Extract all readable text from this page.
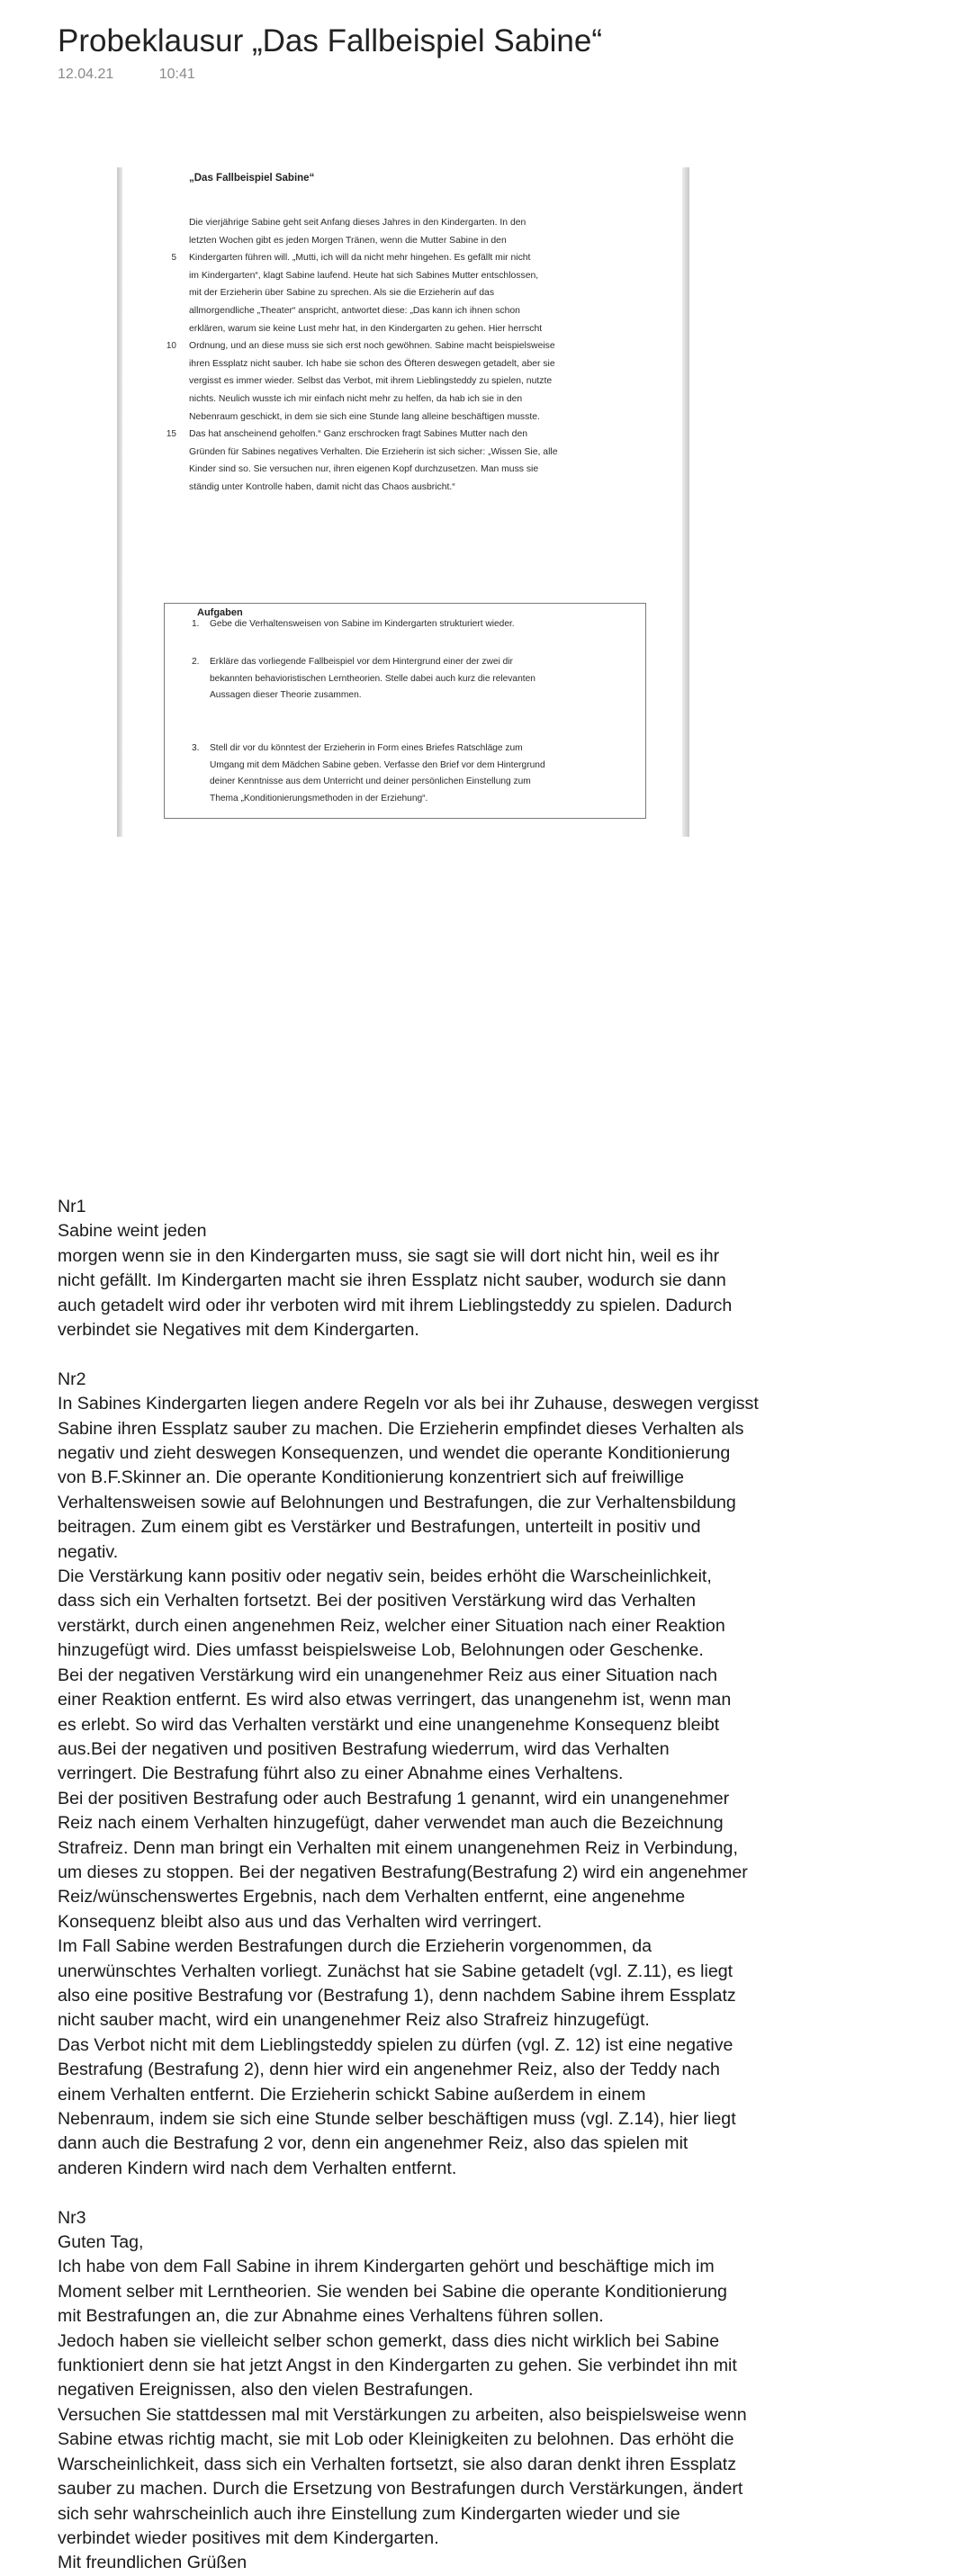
Probeklausur „Das Fallbeispiel Sabine“
12.04.21	10:41
„Das Fallbeispiel Sabine“
Die vierjährige Sabine geht seit Anfang dieses Jahres in den Kindergarten. In den
letzten Wochen gibt es jeden Morgen Tränen, wenn die Mutter Sabine in den
5 Kindergarten führen will. „Mutti, ich will da nicht mehr hingehen. Es gefällt mir nicht
im Kindergarten“, klagt Sabine laufend. Heute hat sich Sabines Mutter entschlossen,
mit der Erzieherin über Sabine zu sprechen. Als sie die Erzieherin auf das
allmorgendliche „Theater“ anspricht, antwortet diese: „Das kann ich ihnen schon
erklären, warum sie keine Lust mehr hat, in den Kindergarten zu gehen. Hier herrscht
10 Ordnung, und an diese muss sie sich erst noch gewöhnen. Sabine macht beispielsweise
ihren Essplatz nicht sauber. Ich habe sie schon des Öfteren deswegen getadelt, aber sie
vergisst es immer wieder. Selbst das Verbot, mit ihrem Lieblingsteddy zu spielen, nutzte
nichts. Neulich wusste ich mir einfach nicht mehr zu helfen, da hab ich sie in den
Nebenraum geschickt, in dem sie sich eine Stunde lang alleine beschäftigen musste.
15 Das hat anscheinend geholfen.“ Ganz erschrocken fragt Sabines Mutter nach den
Gründen für Sabines negatives Verhalten. Die Erzieherin ist sich sicher: „Wissen Sie, alle
Kinder sind so. Sie versuchen nur, ihren eigenen Kopf durchzusetzen. Man muss sie
ständig unter Kontrolle haben, damit nicht das Chaos ausbricht.“
Aufgaben
1. Gebe die Verhaltensweisen von Sabine im Kindergarten strukturiert wieder.
2. Erkläre das vorliegende Fallbeispiel vor dem Hintergrund einer der zwei dir
bekannten behavioristischen Lerntheorien. Stelle dabei auch kurz die relevanten
Aussagen dieser Theorie zusammen.
3. Stell dir vor du könntest der Erzieherin in Form eines Briefes Ratschläge zum
Umgang mit dem Mädchen Sabine geben. Verfasse den Brief vor dem Hintergrund
deiner Kenntnisse aus dem Unterricht und deiner persönlichen Einstellung zum
Thema „Konditionierungsmethoden in der Erziehung“.

Nr1

Sabine weint jeden

morgen wenn sie in den Kindergarten muss, sie sagt sie will dort nicht hin, weil es ihr

nicht gefällt. Im Kindergarten macht sie ihren Essplatz nicht sauber, wodurch sie dann

auch getadelt wird oder ihr verboten wird mit ihrem Lieblingsteddy zu spielen. Dadurch

verbindet sie Negatives mit dem Kindergarten.

Nr2

In Sabines Kindergarten liegen andere Regeln vor als bei ihr Zuhause, deswegen vergisst

Sabine ihren Essplatz sauber zu machen. Die Erzieherin empfindet dieses Verhalten als

negativ und zieht deswegen Konsequenzen, und wendet die operante Konditionierung

von B.F.Skinner an. Die operante Konditionierung konzentriert sich auf freiwillige

Verhaltensweisen sowie auf Belohnungen und Bestrafungen, die zur Verhaltensbildung

beitragen. Zum einem gibt es Verstärker und Bestrafungen, unterteilt in positiv und

negativ.

Die Verstärkung kann positiv oder negativ sein, beides erhöht die Warscheinlichkeit,

dass sich ein Verhalten fortsetzt. Bei der positiven Verstärkung wird das Verhalten

verstärkt, durch einen angenehmen Reiz, welcher einer Situation nach einer Reaktion

hinzugefügt wird. Dies umfasst beispielsweise Lob, Belohnungen oder Geschenke.

Bei der negativen Verstärkung wird ein unangenehmer Reiz aus einer Situation nach

einer Reaktion entfernt. Es wird also etwas verringert, das unangenehm ist, wenn man

es erlebt. So wird das Verhalten verstärkt und eine unangenehme Konsequenz bleibt

aus.Bei der negativen und positiven Bestrafung wiederrum, wird das Verhalten

verringert. Die Bestrafung führt also zu einer Abnahme eines Verhaltens.

Bei der positiven Bestrafung oder auch Bestrafung 1 genannt, wird ein unangenehmer

Reiz nach einem Verhalten hinzugefügt, daher verwendet man auch die Bezeichnung

Strafreiz. Denn man bringt ein Verhalten mit einem unangenehmen Reiz in Verbindung,

um dieses zu stoppen. Bei der negativen Bestrafung(Bestrafung 2) wird ein angenehmer

Reiz/wünschenswertes Ergebnis, nach dem Verhalten entfernt, eine angenehme

Konsequenz bleibt also aus und das Verhalten wird verringert.

Im Fall Sabine werden Bestrafungen durch die Erzieherin vorgenommen, da

unerwünschtes Verhalten vorliegt. Zunächst hat sie Sabine getadelt (vgl. Z.11), es liegt

also eine positive Bestrafung vor (Bestrafung 1), denn nachdem Sabine ihrem Essplatz

nicht sauber macht, wird ein unangenehmer Reiz also Strafreiz hinzugefügt.

Das Verbot nicht mit dem Lieblingsteddy spielen zu dürfen (vgl. Z. 12) ist eine negative

Bestrafung (Bestrafung 2), denn hier wird ein angenehmer Reiz, also der Teddy nach

einem Verhalten entfernt. Die Erzieherin schickt Sabine außerdem in einem

Nebenraum, indem sie sich eine Stunde selber beschäftigen muss (vgl. Z.14), hier liegt

dann auch die Bestrafung 2 vor, denn ein angenehmer Reiz, also das spielen mit

anderen Kindern wird nach dem Verhalten entfernt.

Nr3

Guten Tag,

Ich habe von dem Fall Sabine in ihrem Kindergarten gehört und beschäftige mich im

Moment selber mit Lerntheorien. Sie wenden bei Sabine die operante Konditionierung

mit Bestrafungen an, die zur Abnahme eines Verhaltens führen sollen.

Jedoch haben sie vielleicht selber schon gemerkt, dass dies nicht wirklich bei Sabine

funktioniert denn sie hat jetzt Angst in den Kindergarten zu gehen. Sie verbindet ihn mit

negativen Ereignissen, also den vielen Bestrafungen.

Versuchen Sie stattdessen mal mit Verstärkungen zu arbeiten, also beispielsweise wenn

Sabine etwas richtig macht, sie mit Lob oder Kleinigkeiten zu belohnen. Das erhöht die

Warscheinlichkeit, dass sich ein Verhalten fortsetzt, sie also daran denkt ihren Essplatz

sauber zu machen. Durch die Ersetzung von Bestrafungen durch Verstärkungen, ändert

sich sehr wahrscheinlich auch ihre Einstellung zum Kindergarten wieder und sie

verbindet wieder positives mit dem Kindergarten.

Mit freundlichen Grüßen
